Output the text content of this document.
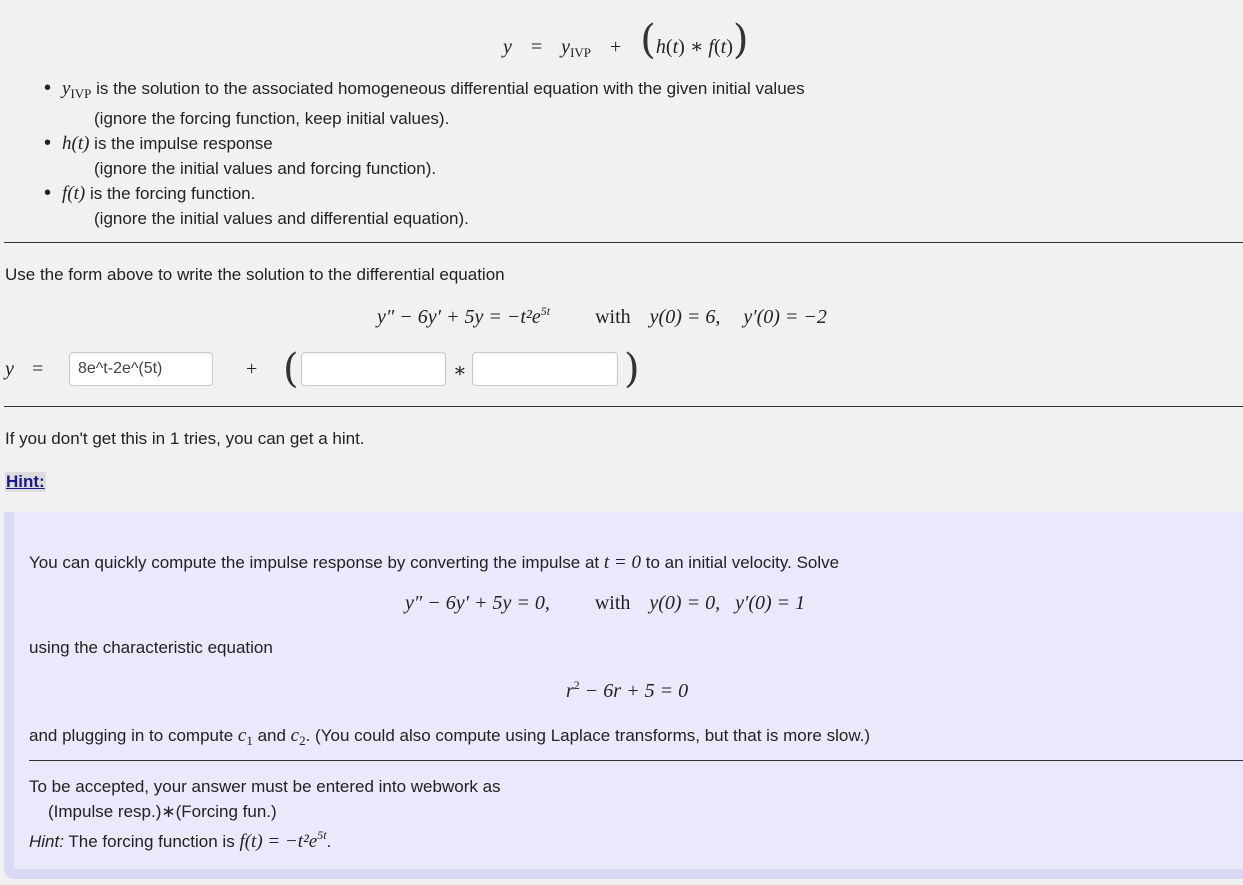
$y = y_{IVP} + (h(t)$ ∗ f(t))
• $y_{IVP}$ is the solution to the associated homogeneous differential equation with the given initial values
(ignore the forcing function, keep initial values).
• h(t) is the impulse response
(ignore the initial values and forcing function).
• f(t) is the forcing function.
(ignore the initial values and differential equation).
Use the form above to write the solution to the differential equation
$y'' - 6y' + 5y = -t^2e^{5t}$ with y(0) = 6, y′(0) = −2
y =
8e^t-2e^(5t)	+ (	∗	)
If you don't get this in 1 tries, you can get a hint.
Hint:
You can quickly compute the impulse response by converting the impulse at t = 0 to an initial velocity. Solve
y″ − 6y′ + 5y = 0, with y(0) = 0, y′(0) = 1
using the characteristic equation
$r^2 - 6r + 5 = 0$
and plugging in to compute $c_1$ and $c_2$. (You could also compute using Laplace transforms, but that is more slow.)
To be accepted, your answer must be entered into webwork as
(Impulse resp.)∗(Forcing fun.)
Hint: The forcing function is $f(t) = -t^2e^{5t}$.
